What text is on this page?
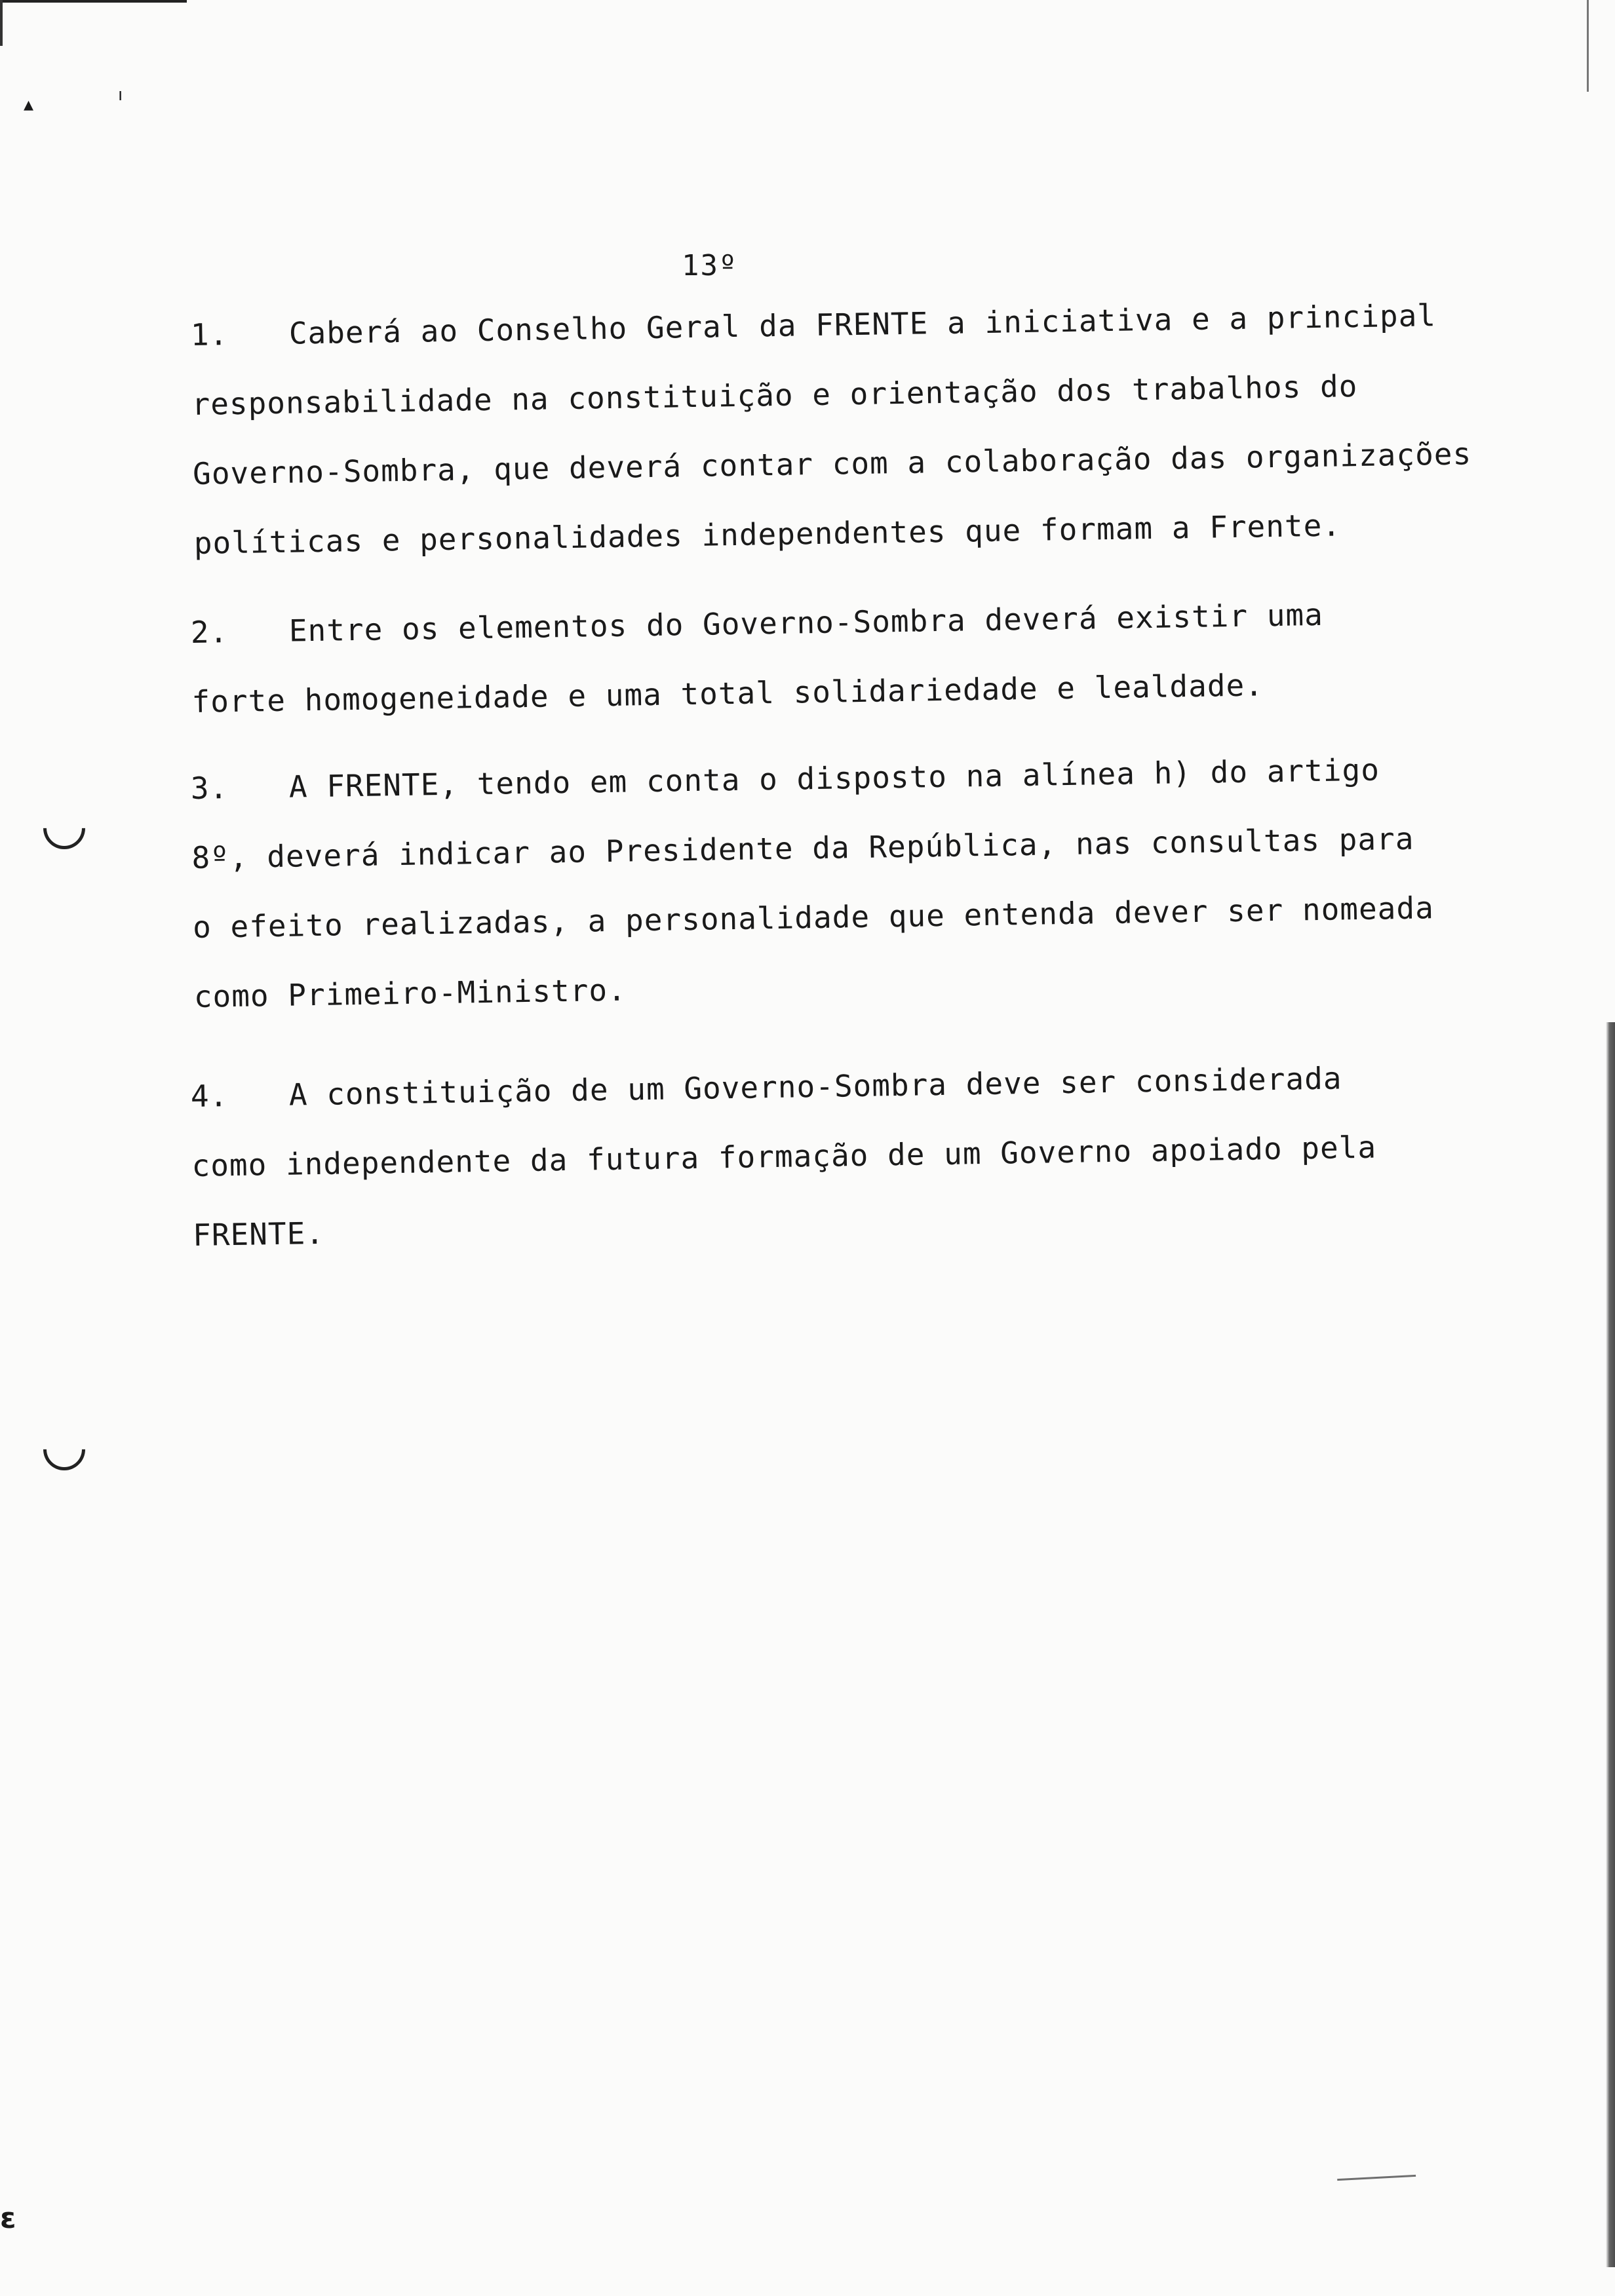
▴	ı
ɛ
13º
1. Caberá ao Conselho Geral da FRENTE a iniciativa e a principal
responsabilidade na constituição e orientação dos trabalhos do
Governo-Sombra, que deverá contar com a colaboração das organizações
políticas e personalidades independentes que formam a Frente.
2. Entre os elementos do Governo-Sombra deverá existir uma
forte homogeneidade e uma total solidariedade e lealdade.
3. A FRENTE, tendo em conta o disposto na alínea h) do artigo
8º, deverá indicar ao Presidente da República, nas consultas para
o efeito realizadas, a personalidade que entenda dever ser nomeada
como Primeiro-Ministro.
4. A constituição de um Governo-Sombra deve ser considerada
como independente da futura formação de um Governo apoiado pela
FRENTE.
